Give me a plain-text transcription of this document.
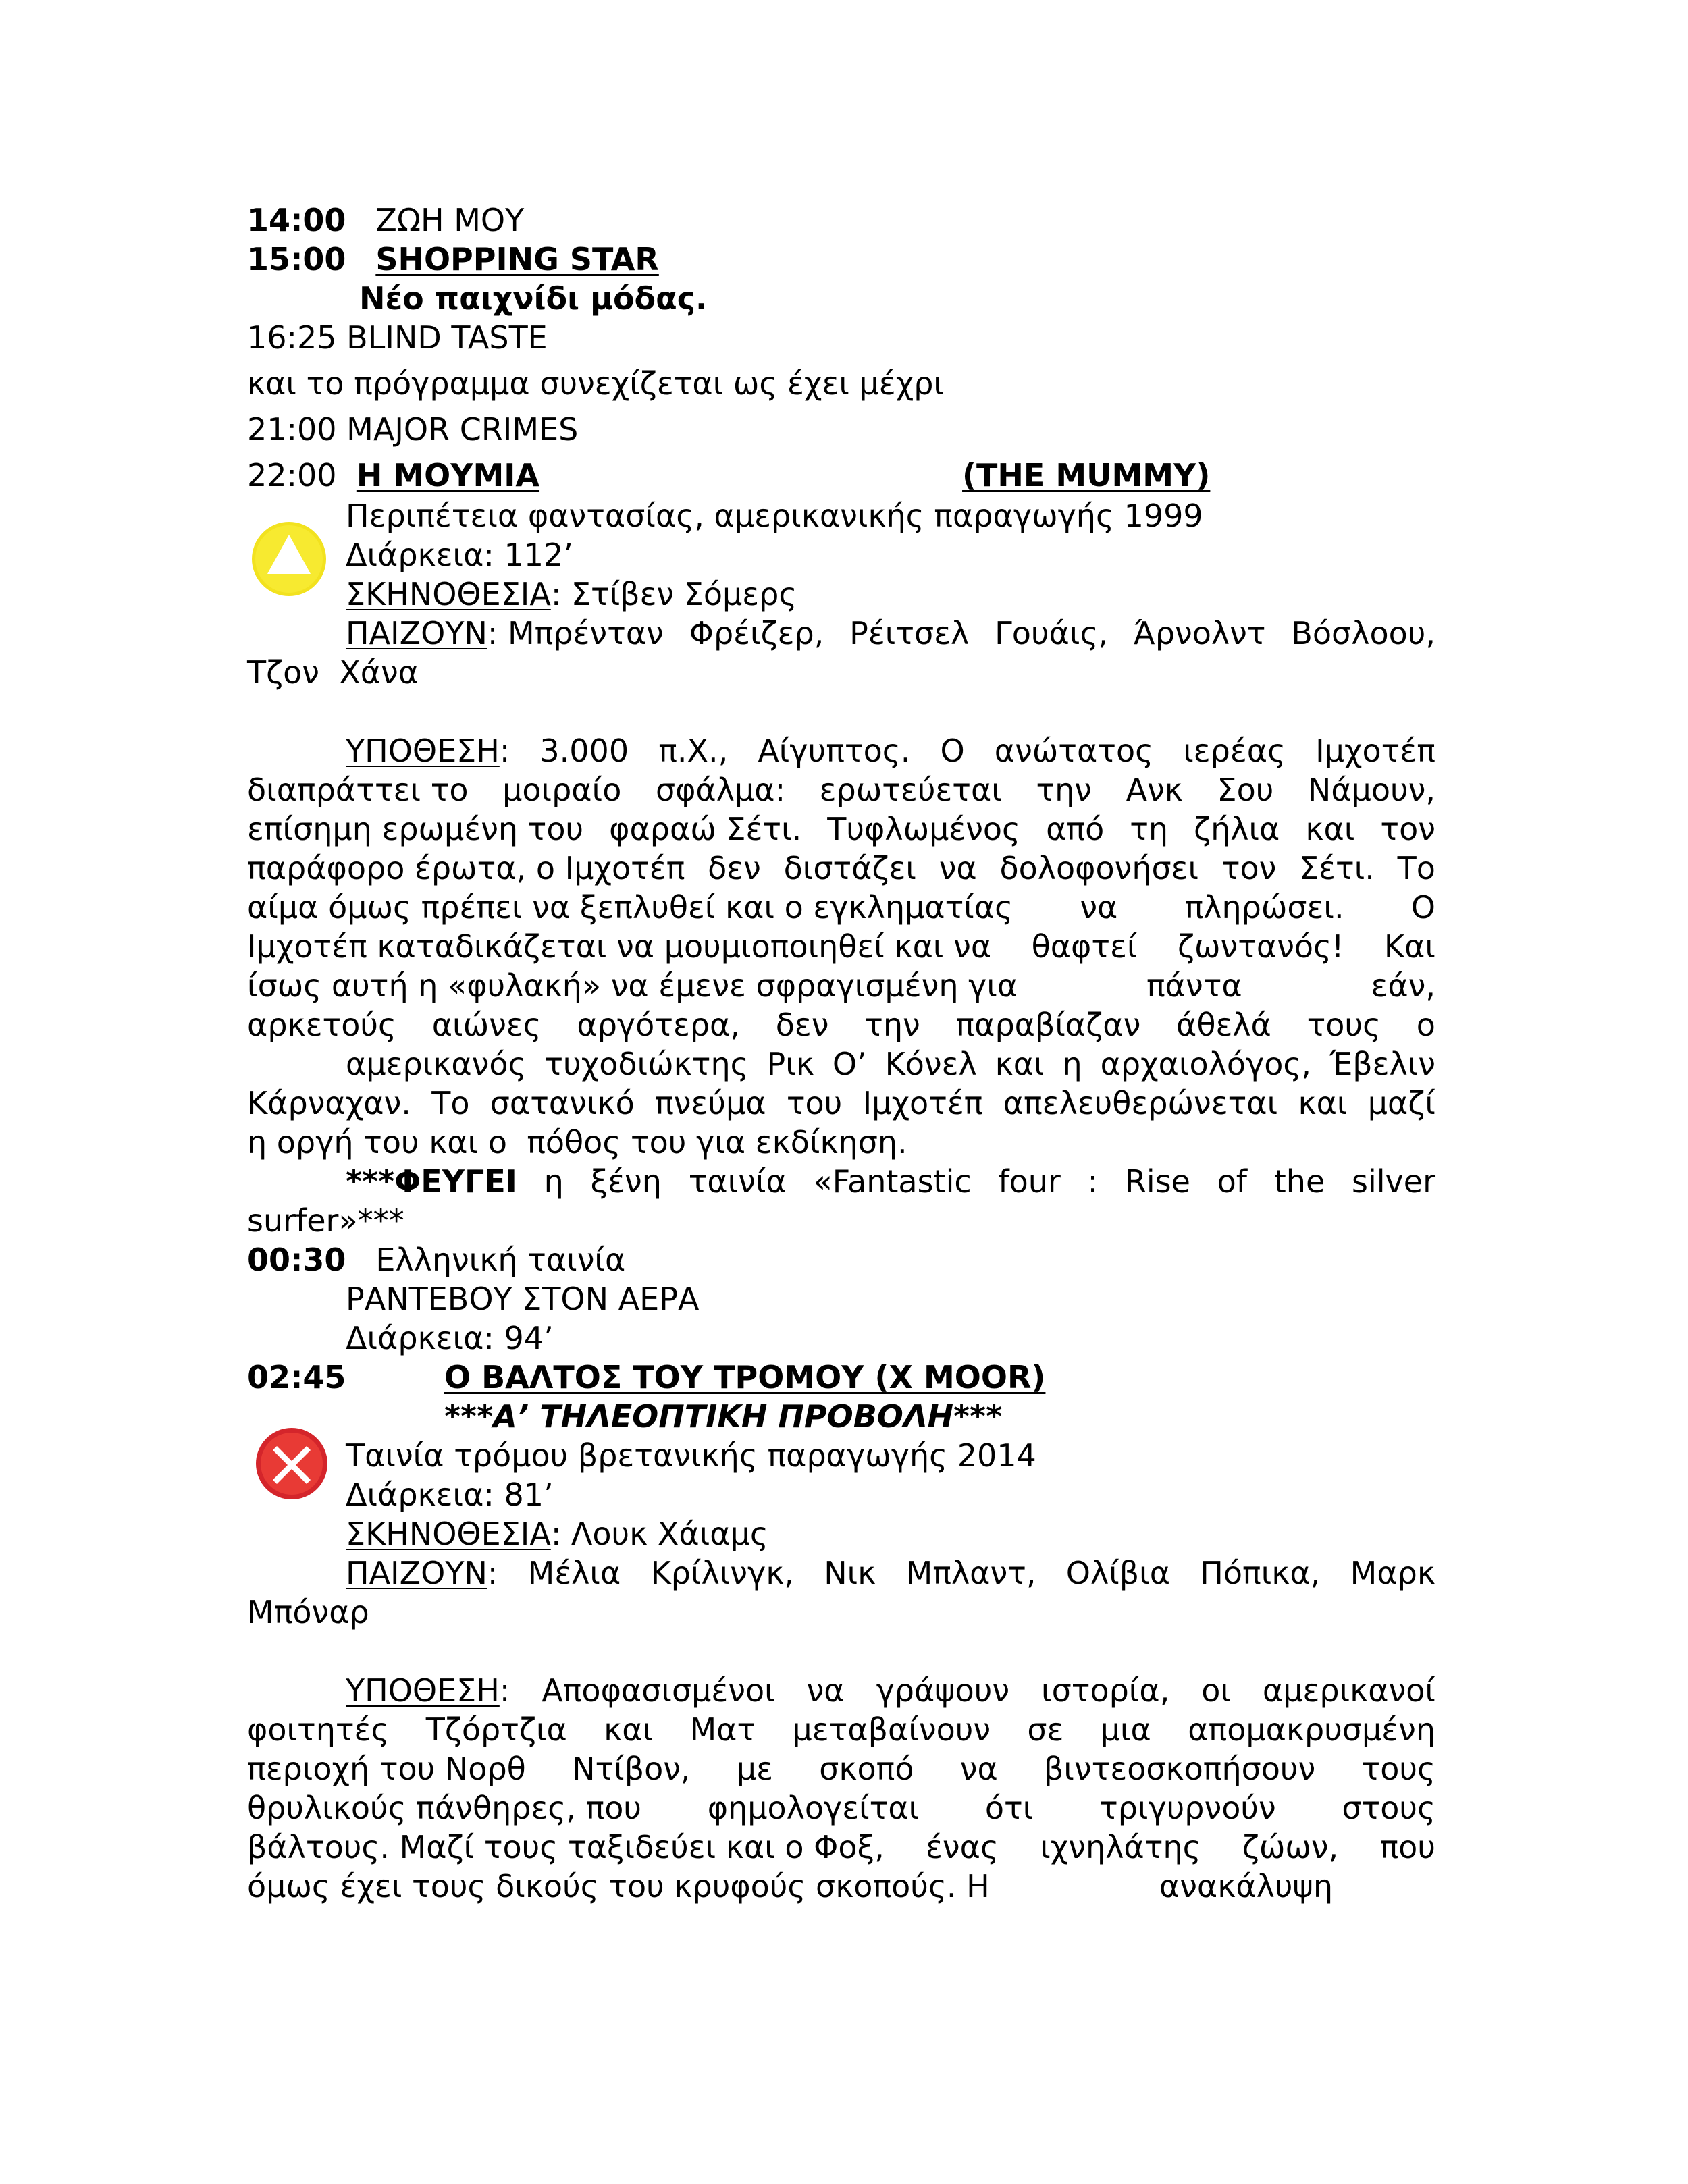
14:00 ΖΩΗ ΜΟΥ
15:00 SHOPPING STAR
Νέο παιχνίδι μόδας.
16:25 BLIND TASTE
και το πρόγραμμα συνεχίζεται ως έχει μέχρι
21:00 MAJOR CRIMES
22:00 Η ΜΟΥΜΙΑ	(THE MUMMY)
Περιπέτεια φαντασίας, αμερικανικής παραγωγής 1999
Διάρκεια: 112’
ΣΚΗΝΟΘΕΣΙΑ: Στίβεν Σόμερς
ΠΑΙΖΟΥΝ: Μπρένταν Φρέιζερ, Ρέιτσελ Γουάις, Άρνολντ Βόσλοου,
Τζον  Χάνα
ΥΠΟΘΕΣΗ: 3.000 π.Χ., Αίγυπτος. Ο ανώτατος ιερέας Ιμχοτέπ
διαπράττει το μοιραίο σφάλμα: ερωτεύεται την Ανκ Σου Νάμουν,
επίσημη ερωμένη του φαραώ Σέτι. Τυφλωμένος από τη ζήλια και τον
παράφορο έρωτα, ο Ιμχοτέπ δεν διστάζει να δολοφονήσει τον Σέτι. Το
αίμα όμως πρέπει να ξεπλυθεί και ο εγκληματίας να πληρώσει. Ο
Ιμχοτέπ καταδικάζεται να μουμιοποιηθεί και να θαφτεί ζωντανός! Και
ίσως αυτή η «φυλακή» να έμενε σφραγισμένη για	πάντα	εάν,
αρκετούς αιώνες αργότερα, δεν την παραβίαζαν άθελά τους ο
αμερικανός τυχοδιώκτης Ρικ Ο’ Κόνελ και η αρχαιολόγος, Έβελιν
Κάρναχαν. Το σατανικό πνεύμα του Ιμχοτέπ απελευθερώνεται και μαζί
η οργή του και ο  πόθος του για εκδίκηση.
***ΦΕΥΓΕΙ η ξένη ταινία «Fantastic four : Rise of the silver
surfer»***
00:30 Ελληνική ταινία
ΡΑΝΤΕΒΟΥ ΣΤΟΝ ΑΕΡΑ
Διάρκεια: 94’
02:45	Ο ΒΑΛΤΟΣ ΤΟΥ ΤΡΟΜΟΥ (X MOOR)
***Α’ ΤΗΛΕΟΠΤΙΚΗ ΠΡΟΒΟΛΗ***
Ταινία τρόμου βρετανικής παραγωγής 2014
Διάρκεια: 81’
ΣΚΗΝΟΘΕΣΙΑ: Λουκ Χάιαμς
ΠΑΙΖΟΥΝ: Μέλια Κρίλινγκ, Νικ Μπλαντ, Ολίβια Πόπικα, Μαρκ
Μπόναρ
ΥΠΟΘΕΣΗ: Αποφασισμένοι να γράψουν ιστορία, οι αμερικανοί
φοιτητές Τζόρτζια και Ματ μεταβαίνουν σε μια απομακρυσμένη
περιοχή του Νορθ Ντίβον, με σκοπό να βιντεοσκοπήσουν τους
θρυλικούς πάνθηρες, που φημολογείται ότι τριγυρνούν στους
βάλτους. Μαζί τους ταξιδεύει και ο Φοξ, ένας ιχνηλάτης ζώων, που
όμως έχει τους δικούς του κρυφούς σκοπούς. Η	ανακάλυψη
